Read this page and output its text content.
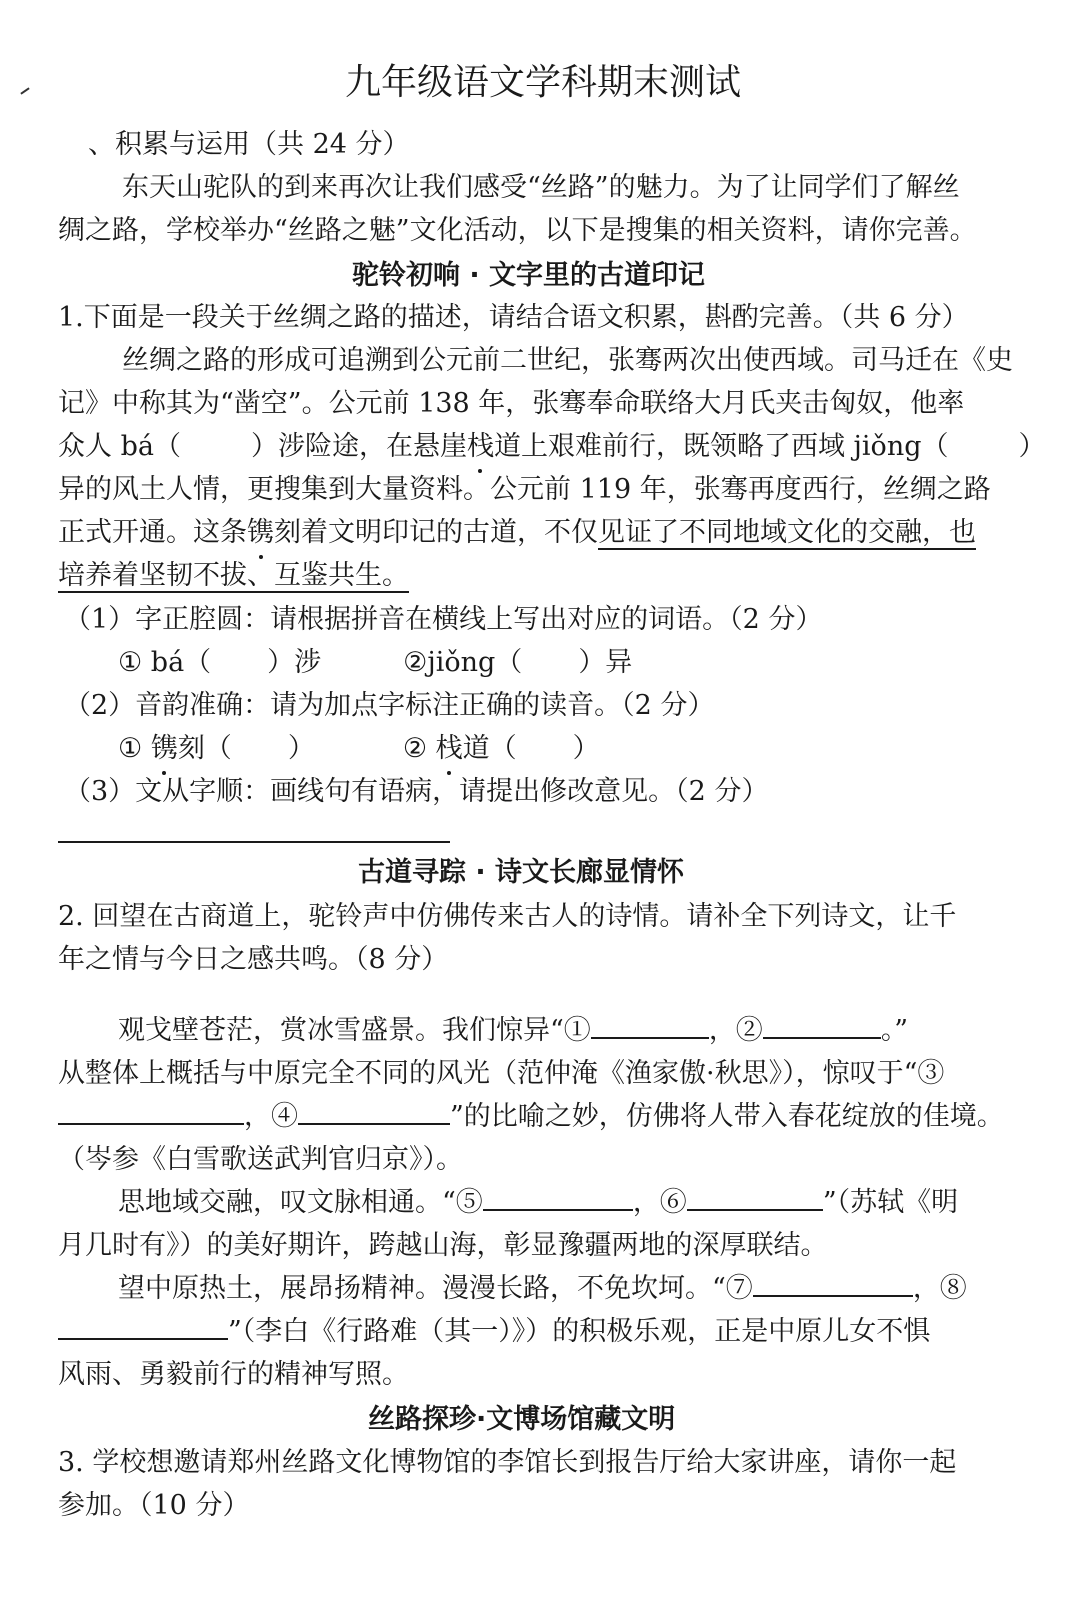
九年级语文学科期末测试
、积累与运用（共 24 分）
东天山驼队的到来再次让我们感受“丝路”的魅力。为了让同学们了解丝
绸之路，学校举办“丝路之魅”文化活动，以下是搜集的相关资料，请你完善。
驼铃初响 · 文字里的古道印记
1.下面是一段关于丝绸之路的描述，请结合语文积累，斟酌完善。（共 6 分）
丝绸之路的形成可追溯到公元前二世纪，张骞两次出使西域。司马迁在《史
记》中称其为“凿空”。公元前 138 年，张骞奉命联络大月氏夹击匈奴，他率
众人 bá（	）涉险途，在悬崖栈道上艰难前行，既领略了西域 jiǒng（	）
异的风土人情，更搜集到大量资料。公元前 119 年，张骞再度西行，丝绸之路
正式开通。这条镌刻着文明印记的古道，不仅见证了不同地域文化的交融，也
培养着坚韧不拔、互鉴共生。
（1）字正腔圆：请根据拼音在横线上写出对应的词语。（2 分）
① bá（ ）涉	②jiǒng（ ）异
（2）音韵准确：请为加点字标注正确的读音。（2 分）
① 镌刻（ ）	② 栈道（ ）
（3）文从字顺：画线句有语病，请提出修改意见。（2 分）
古道寻踪 · 诗文长廊显情怀
2. 回望在古商道上，驼铃声中仿佛传来古人的诗情。请补全下列诗文，让千
年之情与今日之感共鸣。（8 分）
观戈壁苍茫，赏冰雪盛景。我们惊异“①	，②	。”
从整体上概括与中原完全不同的风光（范仲淹《渔家傲·秋思》），惊叹于“③
，④	”的比喻之妙，仿佛将人带入春花绽放的佳境。
（岑参《白雪歌送武判官归京》）。
思地域交融，叹文脉相通。“⑤	，⑥	”（苏轼《明
月几时有》）的美好期许，跨越山海，彰显豫疆两地的深厚联结。
望中原热土，展昂扬精神。漫漫长路，不免坎坷。“⑦	，⑧
”（李白《行路难（其一）》）的积极乐观，正是中原儿女不惧
风雨、勇毅前行的精神写照。
丝路探珍·文博场馆藏文明
3. 学校想邀请郑州丝路文化博物馆的李馆长到报告厅给大家讲座，请你一起
参加。（10 分）
